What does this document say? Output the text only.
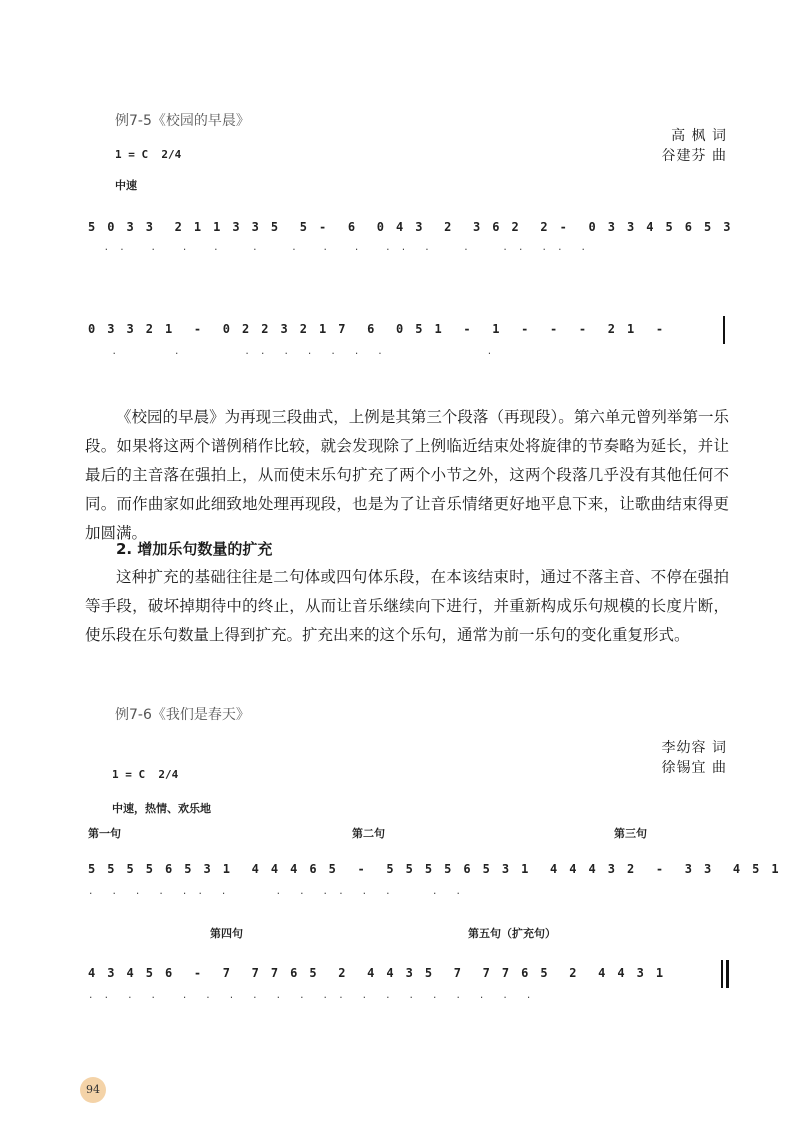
例7-5《校园的早晨》
高 枫 词
谷建芬 曲
1 = C  2/4
中速
5 0 3 3  2 1 1 3 3 5  5 -  6  0 4 3  2  3 6 2  2 -  0 3 3 4 5 6 5 3
. .   .   .   .    .    .   .   .   . .  .    .    . .  . .  .
0 3 3 2 1  -  0 2 2 3 2 1 7  6  0 5 1  -  1  -  -  -  2 1  -
.       .        . .  .  .  .  .  .             .

《校园的早晨》为再现三段曲式，上例是其第三个段落（再现段）。第六单元曾列举第一乐段。如果将这两个谱例稍作比较，就会发现除了上例临近结束处将旋律的节奏略为延长，并让最后的主音落在强拍上，从而使末乐句扩充了两个小节之外，这两个段落几乎没有其他任何不同。而作曲家如此细致地处理再现段，也是为了让音乐情绪更好地平息下来，让歌曲结束得更加圆满。

2. 增加乐句数量的扩充

这种扩充的基础往往是二句体或四句体乐段，在本该结束时，通过不落主音、不停在强拍等手段，破坏掉期待中的终止，从而让音乐继续向下进行，并重新构成乐句规模的长度片断，使乐段在乐句数量上得到扩充。扩充出来的这个乐句，通常为前一乐句的变化重复形式。

例7-6《我们是春天》
李幼容 词
徐锡宜 曲
1 = C  2/4
中速，热情、欢乐地
第一句	第二句	第三句
5 5 5 5 6 5 3 1  4 4 4 6 5  -  5 5 5 5 6 5 3 1  4 4 4 3 2  -  3 3  4 5 1
.  .  .  .  . .  .      .  .  . .  .  .     .  .
第四句	第五句（扩充句）
4 3 4 5 6  -  7  7 7 6 5  2  4 4 3 5  7  7 7 6 5  2  4 4 3 1
. .  .  .   .  .  .  .  .  .  . .  .  .  .  .  .  .  .  .
94
